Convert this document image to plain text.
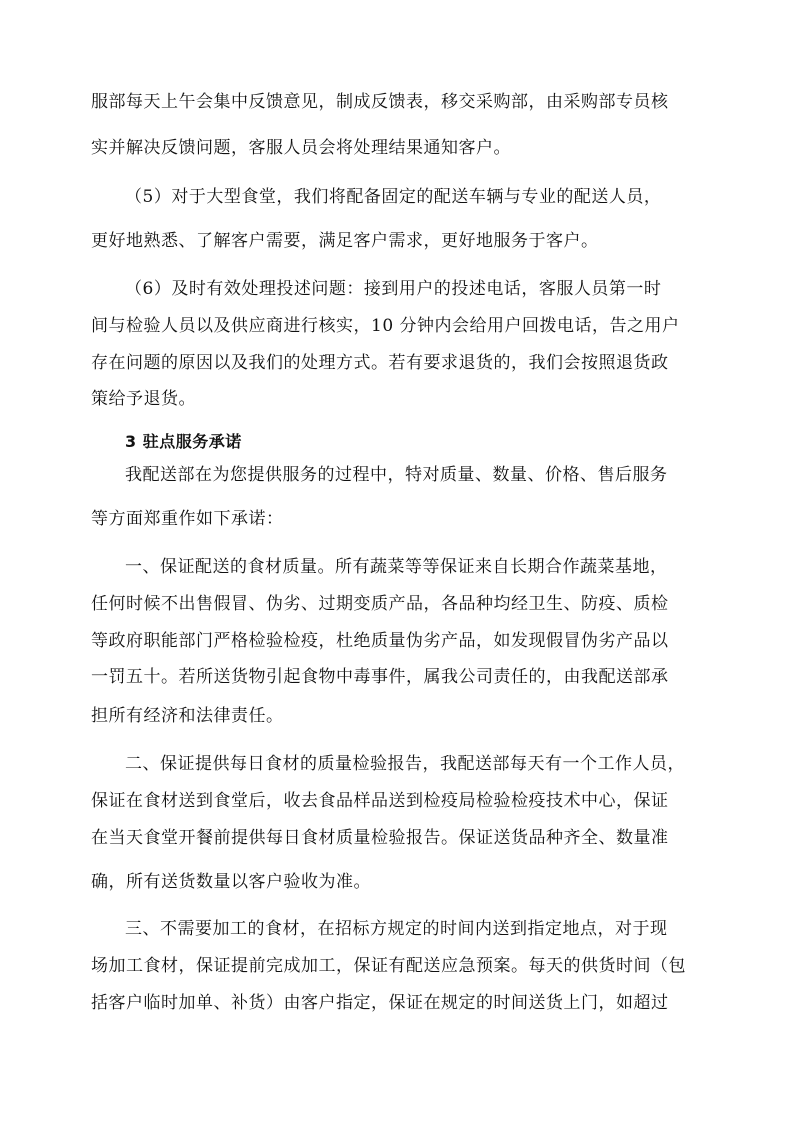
服部每天上午会集中反馈意见，制成反馈表，移交采购部，由采购部专员核
实并解决反馈问题，客服人员会将处理结果通知客户。
（5）对于大型食堂，我们将配备固定的配送车辆与专业的配送人员，
更好地熟悉、了解客户需要，满足客户需求，更好地服务于客户。
（6）及时有效处理投述问题：接到用户的投述电话，客服人员第一时
间与检验人员以及供应商进行核实，10 分钟内会给用户回拨电话，告之用户
存在问题的原因以及我们的处理方式。若有要求退货的，我们会按照退货政
策给予退货。
3 驻点服务承诺
我配送部在为您提供服务的过程中，特对质量、数量、价格、售后服务
等方面郑重作如下承诺：
一、保证配送的食材质量。所有蔬菜等等保证来自长期合作蔬菜基地，
任何时候不出售假冒、伪劣、过期变质产品，各品种均经卫生、防疫、质检
等政府职能部门严格检验检疫，杜绝质量伪劣产品，如发现假冒伪劣产品以
一罚五十。若所送货物引起食物中毒事件，属我公司责任的，由我配送部承
担所有经济和法律责任。
二、保证提供每日食材的质量检验报告，我配送部每天有一个工作人员，
保证在食材送到食堂后，收去食品样品送到检疫局检验检疫技术中心，保证
在当天食堂开餐前提供每日食材质量检验报告。保证送货品种齐全、数量准
确，所有送货数量以客户验收为准。
三、不需要加工的食材，在招标方规定的时间内送到指定地点，对于现
场加工食材，保证提前完成加工，保证有配送应急预案。每天的供货时间（包
括客户临时加单、补货）由客户指定，保证在规定的时间送货上门，如超过
